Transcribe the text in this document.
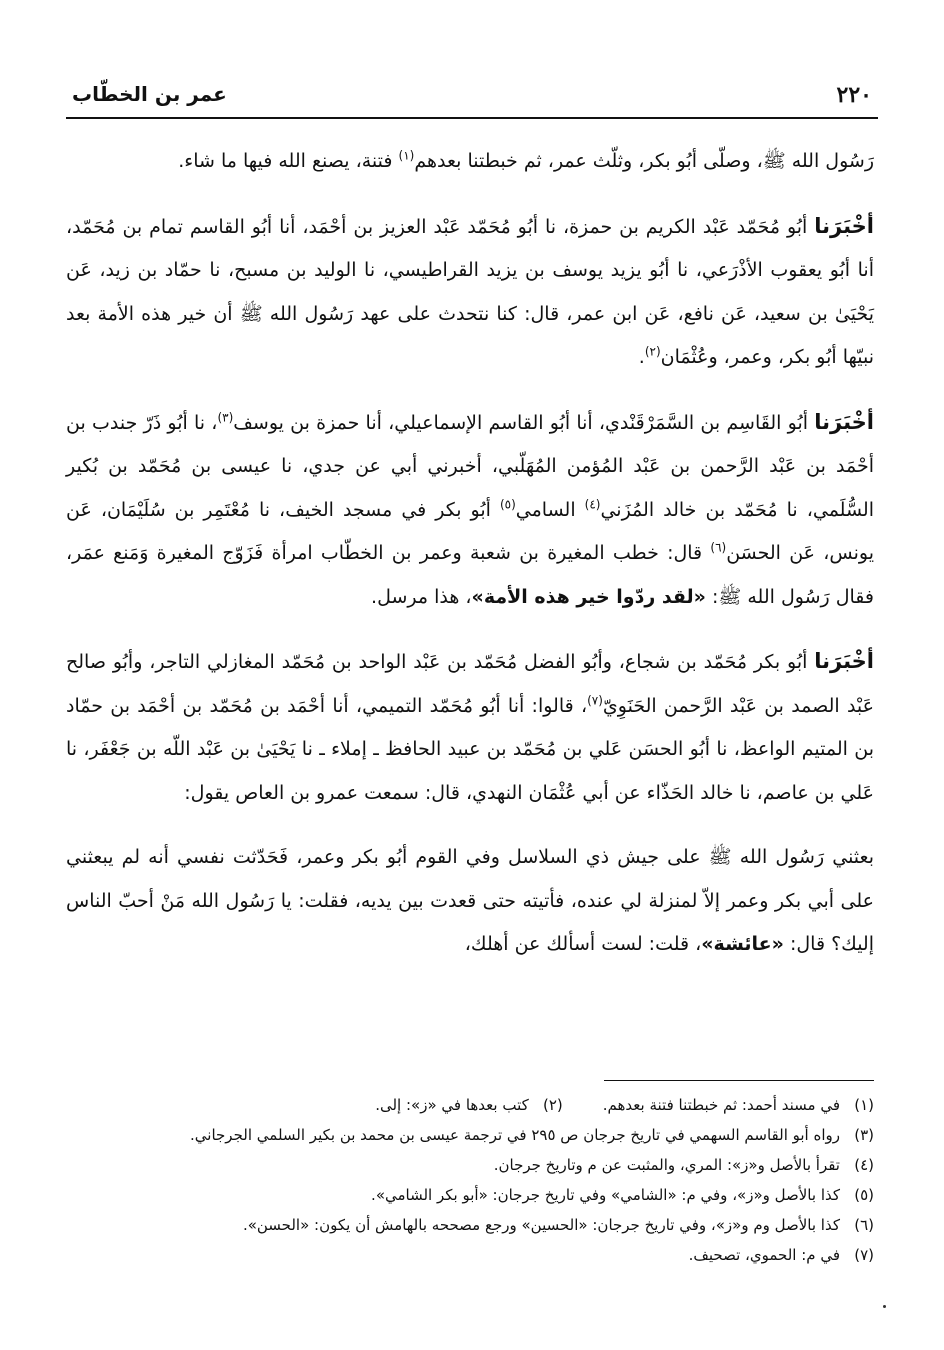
٢٢٠
عمر بن الخطّاب

رَسُول الله ﷺ، وصلّى أبُو بكر، وثلّث عمر، ثم خبطتنا بعدهم$^{(١)}$ فتنة، يصنع الله فيها ما شاء.

أخْبَرَنا أبُو مُحَمّد عَبْد الكريم بن حمزة، نا أبُو مُحَمّد عَبْد العزيز بن أحْمَد، أنا أبُو القاسم تمام بن مُحَمّد، أنا أبُو يعقوب الأذْرَعي، نا أبُو يزيد يوسف بن يزيد القراطيسي، نا الوليد بن مسبح، نا حمّاد بن زيد، عَن يَحْيَىٰ بن سعيد، عَن نافع، عَن ابن عمر، قال: كنا نتحدث على عهد رَسُول الله ﷺ أن خير هذه الأمة بعد نبيّها أبُو بكر، وعمر، وعُثْمَان$^{(٢)}$.

أخْبَرَنا أبُو القَاسِم بن السَّمَرْقَنْدي، أنا أبُو القاسم الإسماعيلي، أنا حمزة بن يوسف$^{(٣)}$، نا أبُو ذَرّ جندب بن أحْمَد بن عَبْد الرَّحمن بن عَبْد المُؤمن المُهَلّبي، أخبرني أبي عن جدي، نا عيسى بن مُحَمّد بن بُكير السُّلَمي، نا مُحَمّد بن خالد المُزَني$^{(٤)}$ السامي$^{(٥)}$ أبُو بكر في مسجد الخيف، نا مُعْتَمِر بن سُلَيْمَان، عَن يونس، عَن الحسَن$^{(٦)}$ قال: خطب المغيرة بن شعبة وعمر بن الخطّاب امرأة فَزَوّج المغيرة وَمَنع عمَر، فقال رَسُول الله ﷺ: «لقد ردّوا خير هذه الأمة»، هذا مرسل.

أخْبَرَنا أبُو بكر مُحَمّد بن شجاع، وأبُو الفضل مُحَمّد بن عَبْد الواحد بن مُحَمّد المغازلي التاجر، وأبُو صالح عَبْد الصمد بن عَبْد الرَّحمن الحَنَوِيّ$^{(٧)}$، قالوا: أنا أبُو مُحَمّد التميمي، أنا أحْمَد بن مُحَمّد بن أحْمَد بن حمّاد بن المتيم الواعظ، نا أبُو الحسَن عَلي بن مُحَمّد بن عبيد الحافظ ـ إملاء ـ نا يَحْيَىٰ بن عَبْد اللّه بن جَعْفَر، نا عَلي بن عاصم، نا خالد الحَذّاء عن أبي عُثْمَان النهدي، قال: سمعت عمرو بن العاص يقول:

بعثني رَسُول الله ﷺ على جيش ذي السلاسل وفي القوم أبُو بكر وعمر، فَحَدّثت نفسي أنه لم يبعثني على أبي بكر وعمر إلاّ لمنزلة لي عنده، فأتيته حتى قعدت بين يديه، فقلت: يا رَسُول الله مَنْ أحبّ الناس إليك؟ قال: «عائشة»، قلت: لست أسألك عن أهلك،

(١)في مسند أحمد: ثم خبطتنا فتنة بعدهم.(٢)كتب بعدها في «ز»: إلى.
(٣)رواه أبو القاسم السهمي في تاريخ جرجان ص ٢٩٥ في ترجمة عيسى بن محمد بن بكير السلمي الجرجاني.
(٤)تقرأ بالأصل و«ز»: المري، والمثبت عن م وتاريخ جرجان.
(٥)كذا بالأصل و«ز»، وفي م: «الشامي» وفي تاريخ جرجان: «أبو بكر الشامي».
(٦)كذا بالأصل وم و«ز»، وفي تاريخ جرجان: «الحسين» ورجع مصححه بالهامش أن يكون: «الحسن».
(٧)في م: الحموي، تصحيف.
